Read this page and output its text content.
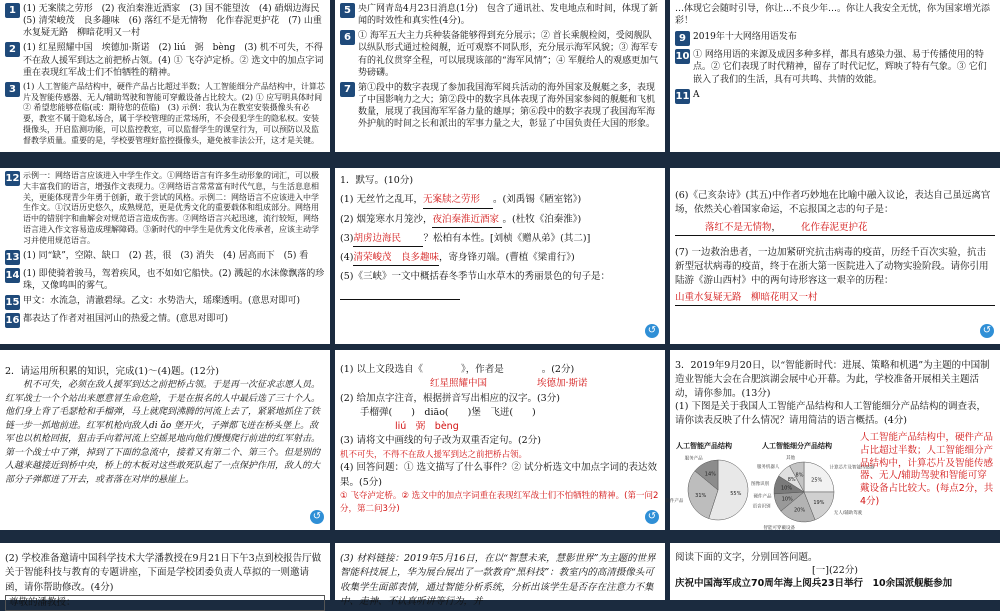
1 (1) 无案牍之劳形　(2) 夜泊秦淮近酒家　(3) 国不能望汝　(4) 硝烟边海民　(5) 清荣峻茂　良多趣味　(6) 落红不是无情物　化作春泥更护花　(7) 山重水复疑无路　柳暗花明又一村
2 (1) 红星照耀中国　埃德加·斯诺　(2) liú　弼　bèng　(3) 机不可失，不得不在敌人援军到达之前把桥占领。(4) ① 飞夺泸定桥。② 选文中的加点字词重在表现红军战士们不怕牺牲的精神。
3 (1) 人工智能产品结构中，硬件产品占比超过半数；人工智能细分产品结构中，计算芯片及智能传感器、无人/辅助驾驶和智能可穿戴设备占比较大。(2) ① 应写明具体时间　② 希望您能够莅临(或：期待您的莅临)　(3) 示例：我认为在教室安装摄像头有必要，教室不属于隐私场合，属于学校管理的正常场所，不会侵犯学生的隐私权。安装摄像头，开启监测功能，可以监控教室，可以监督学生的课堂行为，可以预防以及监督教学质量。重要的是，学校要管理好监控摄像头，避免被非法公开，这才是关键。
5 央广网青岛4月23日消息(1分)　包含了通讯社、发电地点和时间，体现了新闻的时效性和真实性(4分)。
6 ① 海军五大主力兵种装备能够得到充分展示；② 首长乘舰检阅，受阅舰队以纵队形式通过检阅舰，近可观察不同队形，充分展示海军风貌；③ 海军专有的礼仪贯穿全程，可以展现该部的“海军风情”；④ 军舰给人的观感更加气势磅礴。
7 第①段中的数字表现了参加我国海军阅兵活动的海外国家及舰艇之多，表现了中国影响力之大；第②段中的数字具体表现了海外国家参阅的舰艇和飞机数量，展现了我国海军军备力量的雄厚；第⑥段中的数字表现了我国海军海外护航的时间之长和派出的军事力量之大，彰显了中国负责任大国的形象。
…体现它会随时引导，你让…不良少年…。你让人我安全无忧，你为国家增光添彩！
9 2019年十大网络用语发布
10 ① 网络用语的来源及成因多种多样，都具有感染力强、易于传播使用的特点。② 它们表现了时代精神，留存了时代记忆，辉映了特有气象。③ 它们嵌入了我们的生活，具有可共鸣、共情的效能。
11 A
12 示例一：网络语言应该进入中学生作文。①网络语言有许多生动形象的词汇，可以极大丰富我们的语言，增强作文表现力。②网络语言常常富有时代气息，与生活息息相关，更能体现青少年勇于创新，敢于尝试的风格。示例二：网络语言不应该进入中学生作文。①汉语历史悠久，成熟规范，更是优秀文化的重要载体和组成部分。网络用语中的错别字和曲解会对规范语言造成伤害。②网络语言兴起迅速，流行较短，网络语言进入作文容易造成理解障碍。③新时代的中学生是优秀文化传承者，应该主动学习并使用规范语言。
13 (1) 同“缺”，空隙、缺口　(2) 甚，很　(3) 消失　(4) 居高而下　(5) 看
14 (1) 即使骑着骏马，驾着疾风，也不如如它船快。(2) 溅起的水沫像飘落的珍珠，又像鸣叫的雾气。
15 甲文：水流急，清澈碧绿。乙文：水势浩大，瑶璨透明。(意思对即可)
16 都表达了作者对祖国河山的热爱之情。(意思对即可)
1．默写。(10分)
(1) 无丝竹之乱耳，无案牍之劳形 。(刘禹锡《陋室铭》)
(2) 烟笼寒水月笼沙，夜泊秦淮近酒家 。(杜牧《泊秦淮》)
(3)胡虏边海民 ？松柏有本性。[刘桢《赠从弟》(其二)]
(4)清荣峻茂　良多趣味，寄身锋刃端。(曹植《梁甫行》)
(5)《三峡》一文中概括春冬季节山水草木的秀丽景色的句子是：
↺
(6)《己亥杂诗》(其五)中作者巧妙地在比喻中融入议论，表达自己虽远离官场，依然关心着国家命运，不忘报国之志的句子是：
落红不是无情物， 化作春泥更护花
(7) 一边救治患者，一边加紧研究抗击病毒的疫苗，历经千百次实验，抗击新型冠状病毒的疫苗，终于在浙大第一医院进入了动物实验阶段。请你引用陆游《游山西村》中的两句诗形容这一艰辛的历程：
山重水复疑无路　柳暗花明又一村
↺
2．请运用所积累的知识，完成(1)～(4)题。(12分)
机不可失，必须在敌人援军到达之前把桥占领。于是再一次征求志愿人员。红军战士一个个站出来愿意冒生命危险，于是在报名的人中最后选了三十个人。他们身上背了毛瑟枪和手榴弹，马上就爬到沸腾的河流上去了，紧紧地抓住了铁链一步一抓地前进。红军机枪向敌人di ǎo 堡开火，子弹都飞迸在桥头堡上。敌军也以机枪回报，狙击手向着河流上空摇晃地向他们慢慢爬行前进的红军射击。第一个战士中了弹，掉到了下面的急流中，接着又有第二个、第三个。但是别的人越来越接近到桥中央，桥上的木板对这些敢死队起了一点保护作用，敌人的大部分子弹都迸了开去，或者落在对岸的悬崖上。
↺
(1) 以上文段选自《　　　　》，作者是　　　　。(2分)
红星照耀中国	埃德加·斯诺
(2) 给加点字注音，根据拼音写出相应的汉字。(3分)
手榴弹(　　)　diāo(　　)堡　飞迸(　　)
liú　弼　bèng
(3) 请将文中画线的句子改为双重否定句。(2分)
机不可失，不得不在敌人援军到达之前把桥占领。
(4) 回答问题：① 选文描写了什么事件？② 试分析选文中加点字词的表达效果。(5分)
① 飞夺泸定桥。② 选文中的加点字词重在表现红军战士们不怕牺牲的精神。(第一问2分，第二问3分)
↺
3．2019年9月20日，以“智能新时代：进展、策略和机遇”为主题的中国制造业智能大会在合肥滨湖会展中心开幕。为此，学校准备开展相关主题活动，请你参加。(13分)
(1) 下图是关于我国人工智能产品结构和人工智能细分产品结构的调查表，请你读表反映了什么情况？请用简洁的语言概括。(4分)
人工智能产品结构	人工智能细分产品结构
55%
硬件产品
31%
软件产品
14%
服务产品
25%
计算芯片及智能传感器
19%
无人/辅助驾驶
20%
智能可穿戴设备
10%
语音识别
10%
图像识别
8%
服务机器人
8%
其他
人工智能产品结构中，硬件产品占比超过半数；人工智能细分产品结构中，计算芯片及智能传感器、无人/辅助驾驶和智能可穿戴设备占比较大。(每点2分，共4分)
(2) 学校准备邀请中国科学技术大学潘教授在9月21日下午3点到校报告厅做关于智能科技与教育的专题讲座，下面是学校团委负责人草拟的一则邀请函，请你帮助修改。(4分)
尊敬的潘教授：
(3) 材料链接：2019年5月16日，在以“智慧未来，慧影世界”为主题的世界智能科技展上，华为展台展出了一款教育“黑科技”：教室内的高清摄像头可收集学生面部表情，通过智能分析系统，分析出该学生是否存在注意力不集中、走神、不认真听讲等行为，并
阅读下面的文字，分别回答问题。
[一](22分)
庆祝中国海军成立70周年海上阅兵23日举行　10余国派舰艇参加
